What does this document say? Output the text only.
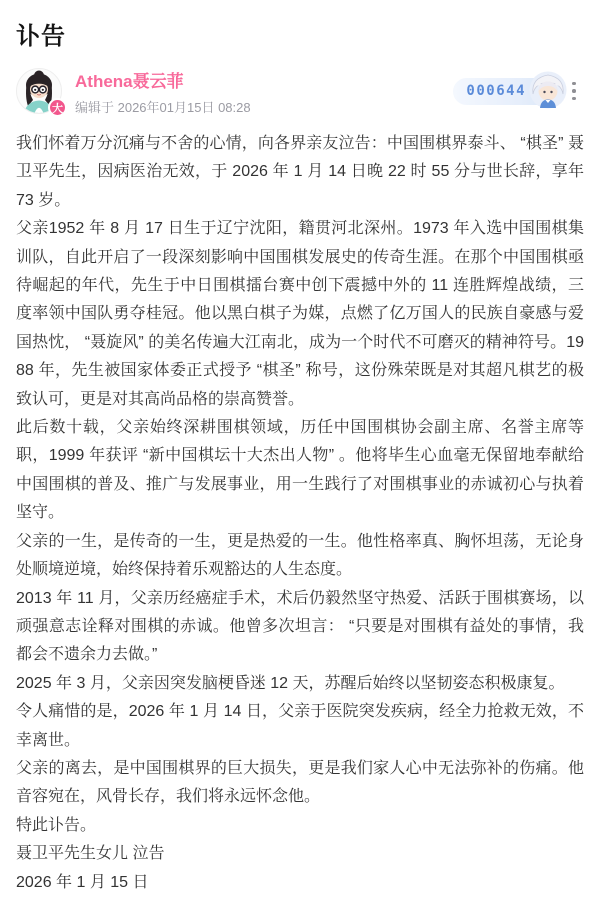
讣告
大
Athena聂云菲
编辑于 2026年01月15日 08:28
000644

我们怀着万分沉痛与不舍的心情，向各界亲友泣告：中国围棋界泰斗、 “棋圣” 聂卫平先生，因病医治无效，于 2026 年 1 月 14 日晚 22 时 55 分与世长辞，享年 73 岁。

父亲1952 年 8 月 17 日生于辽宁沈阳，籍贯河北深州。1973 年入选中国围棋集训队，自此开启了一段深刻影响中国围棋发展史的传奇生涯。在那个中国围棋亟待崛起的年代，先生于中日围棋擂台赛中创下震撼中外的 11 连胜辉煌战绩，三度率领中国队勇夺桂冠。他以黑白棋子为媒，点燃了亿万国人的民族自豪感与爱国热忱， “聂旋风” 的美名传遍大江南北，成为一个时代不可磨灭的精神符号。1988 年，先生被国家体委正式授予 “棋圣” 称号，这份殊荣既是对其超凡棋艺的极致认可，更是对其高尚品格的崇高赞誉。

此后数十载，父亲始终深耕围棋领域，历任中国围棋协会副主席、名誉主席等职，1999 年获评 “新中国棋坛十大杰出人物” 。他将毕生心血毫无保留地奉献给中国围棋的普及、推广与发展事业，用一生践行了对围棋事业的赤诚初心与执着坚守。

父亲的一生，是传奇的一生，更是热爱的一生。他性格率真、胸怀坦荡，无论身处顺境逆境，始终保持着乐观豁达的人生态度。

2013 年 11 月，父亲历经癌症手术，术后仍毅然坚守热爱、活跃于围棋赛场，以顽强意志诠释对围棋的赤诚。他曾多次坦言： “只要是对围棋有益处的事情，我都会不遗余力去做。”

2025 年 3 月，父亲因突发脑梗昏迷 12 天，苏醒后始终以坚韧姿态积极康复。

令人痛惜的是，2026 年 1 月 14 日，父亲于医院突发疾病，经全力抢救无效，不幸离世。

父亲的离去，是中国围棋界的巨大损失，更是我们家人心中无法弥补的伤痛。他音容宛在，风骨长存，我们将永远怀念他。

特此讣告。

聂卫平先生女儿 泣告

2026 年 1 月 15 日
